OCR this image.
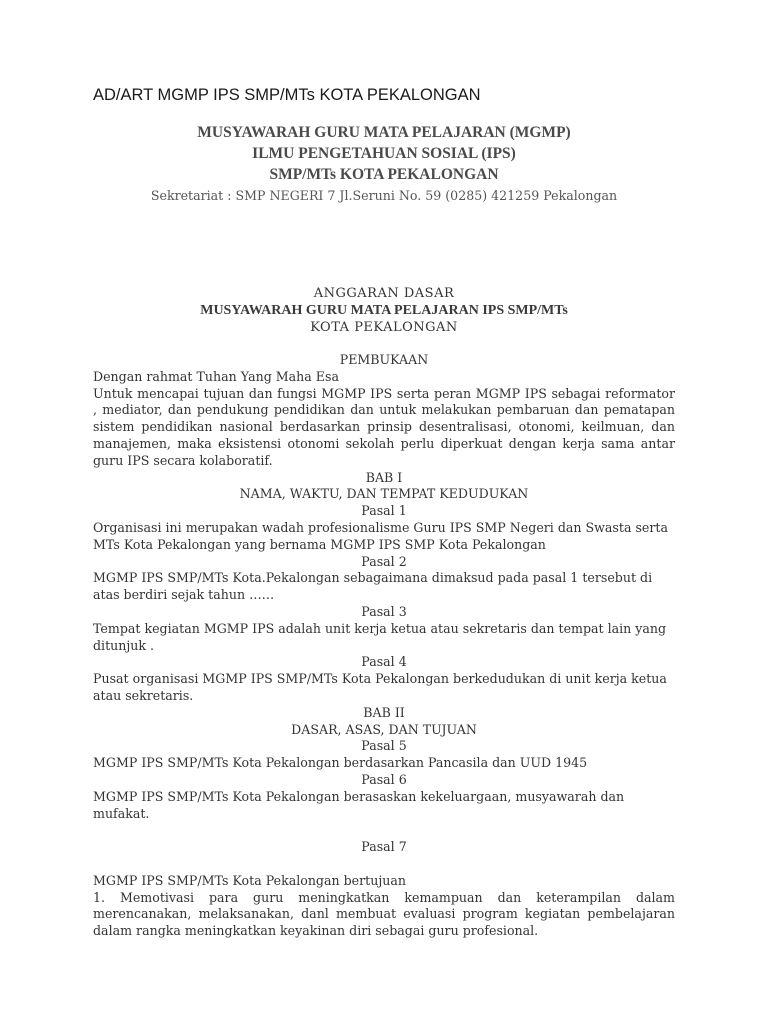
AD/ART MGMP IPS SMP/MTs KOTA PEKALONGAN
MUSYAWARAH GURU MATA PELAJARAN (MGMP)
ILMU PENGETAHUAN SOSIAL (IPS)
SMP/MTs KOTA PEKALONGAN
Sekretariat : SMP NEGERI 7 Jl.Seruni No. 59 (0285) 421259 Pekalongan
ANGGARAN DASAR
MUSYAWARAH GURU MATA PELAJARAN IPS SMP/MTs
KOTA PEKALONGAN
PEMBUKAAN
Dengan rahmat Tuhan Yang Maha Esa
Untuk mencapai tujuan dan fungsi MGMP IPS serta peran MGMP IPS sebagai reformator , mediator, dan pendukung pendidikan dan untuk melakukan pembaruan dan pematapan sistem pendidikan nasional berdasarkan prinsip desentralisasi, otonomi, keilmuan, dan manajemen, maka eksistensi otonomi sekolah perlu diperkuat dengan kerja sama antar guru IPS secara kolaboratif.
BAB I
NAMA, WAKTU, DAN TEMPAT KEDUDUKAN
Pasal 1
Organisasi ini merupakan wadah profesionalisme Guru IPS SMP Negeri dan Swasta serta MTs Kota Pekalongan yang bernama MGMP IPS SMP Kota Pekalongan
Pasal 2
MGMP IPS SMP/MTs Kota.Pekalongan sebagaimana dimaksud pada pasal 1 tersebut di atas berdiri sejak tahun ……
Pasal 3
Tempat kegiatan MGMP IPS adalah unit kerja ketua atau sekretaris dan tempat lain yang ditunjuk .
Pasal 4
Pusat organisasi MGMP IPS SMP/MTs Kota Pekalongan berkedudukan di unit kerja ketua atau sekretaris.
BAB II
DASAR, ASAS, DAN TUJUAN
Pasal 5
MGMP IPS SMP/MTs Kota Pekalongan berdasarkan Pancasila dan UUD 1945
Pasal 6
MGMP IPS SMP/MTs Kota Pekalongan berasaskan kekeluargaan, musyawarah dan mufakat.
Pasal 7
MGMP IPS SMP/MTs Kota Pekalongan bertujuan
1. Memotivasi para guru meningkatkan kemampuan dan keterampilan dalam merencanakan, melaksanakan, danl membuat evaluasi program kegiatan pembelajaran dalam rangka meningkatkan keyakinan diri sebagai guru profesional.
